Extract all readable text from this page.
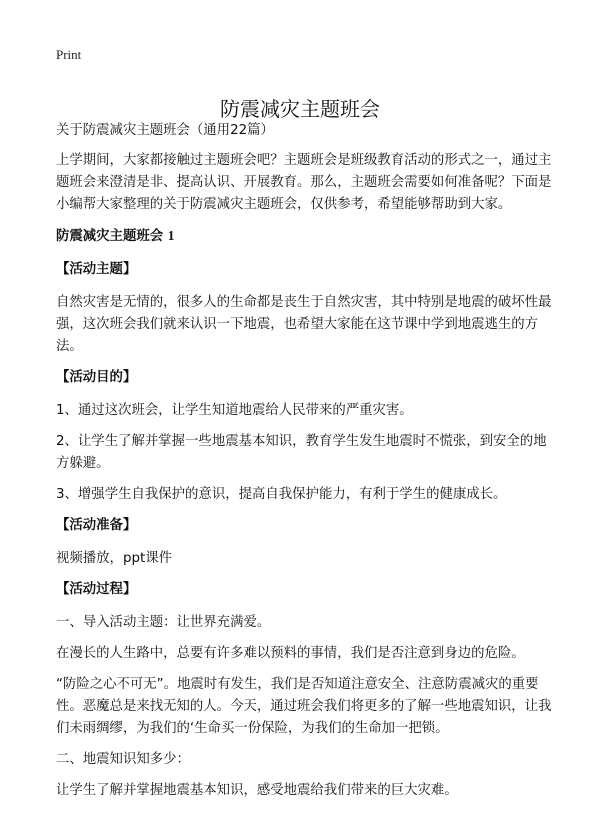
Print
防震减灾主题班会

关于防震减灾主题班会（通用22篇）

上学期间，大家都接触过主题班会吧？主题班会是班级教育活动的形式之一，通过主题班会来澄清是非、提高认识、开展教育。那么，主题班会需要如何准备呢？下面是小编帮大家整理的关于防震减灾主题班会，仅供参考，希望能够帮助到大家。

防震减灾主题班会 1

【活动主题】

自然灾害是无情的，很多人的生命都是丧生于自然灾害，其中特别是地震的破坏性最强，这次班会我们就来认识一下地震，也希望大家能在这节课中学到地震逃生的方法。

【活动目的】

1、通过这次班会，让学生知道地震给人民带来的严重灾害。

2、让学生了解并掌握一些地震基本知识，教育学生发生地震时不慌张，到安全的地方躲避。

3、增强学生自我保护的意识，提高自我保护能力，有利于学生的健康成长。

【活动准备】

视频播放，ppt课件

【活动过程】

一、导入活动主题：让世界充满爱。

在漫长的人生路中，总要有许多难以预料的事情，我们是否注意到身边的危险。

“防险之心不可无”。地震时有发生，我们是否知道注意安全、注意防震减灾的重要性。恶魔总是来找无知的人。今天，通过班会我们将更多的了解一些地震知识，让我们未雨绸缪，为我们的‘生命买一份保险，为我们的生命加一把锁。

二、地震知识知多少：

让学生了解并掌握地震基本知识，感受地震给我们带来的巨大灾难。
